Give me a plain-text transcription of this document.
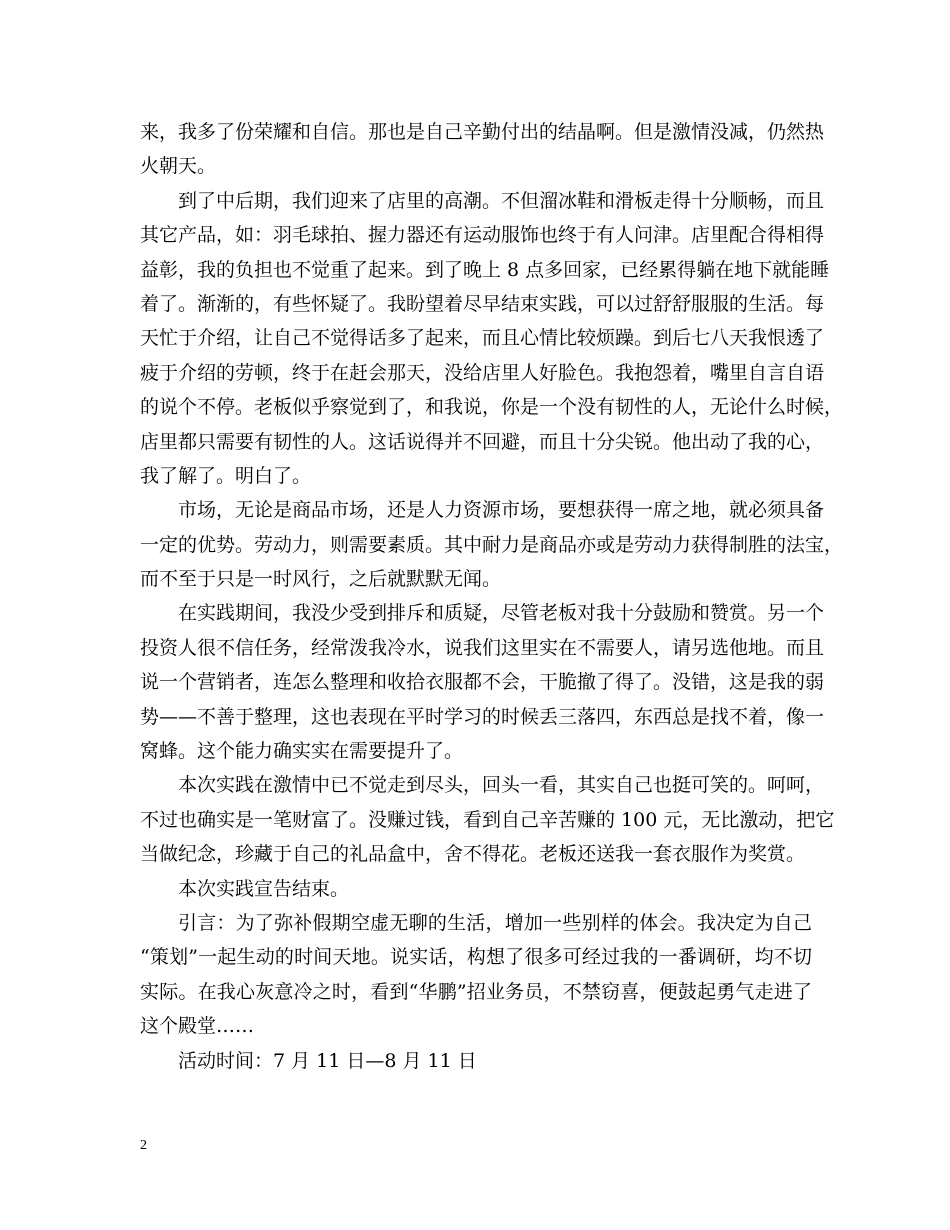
来，我多了份荣耀和自信。那也是自己辛勤付出的结晶啊。但是激情没减，仍然热
火朝天。
到了中后期，我们迎来了店里的高潮。不但溜冰鞋和滑板走得十分顺畅，而且
其它产品，如：羽毛球拍、握力器还有运动服饰也终于有人问津。店里配合得相得
益彰，我的负担也不觉重了起来。到了晚上 8 点多回家，已经累得躺在地下就能睡
着了。渐渐的，有些怀疑了。我盼望着尽早结束实践，可以过舒舒服服的生活。每
天忙于介绍，让自己不觉得话多了起来，而且心情比较烦躁。到后七八天我恨透了
疲于介绍的劳顿，终于在赶会那天，没给店里人好脸色。我抱怨着，嘴里自言自语
的说个不停。老板似乎察觉到了，和我说，你是一个没有韧性的人，无论什么时候，
店里都只需要有韧性的人。这话说得并不回避，而且十分尖锐。他出动了我的心，
我了解了。明白了。
市场，无论是商品市场，还是人力资源市场，要想获得一席之地，就必须具备
一定的优势。劳动力，则需要素质。其中耐力是商品亦或是劳动力获得制胜的法宝，
而不至于只是一时风行，之后就默默无闻。
在实践期间，我没少受到排斥和质疑，尽管老板对我十分鼓励和赞赏。另一个
投资人很不信任务，经常泼我冷水，说我们这里实在不需要人，请另选他地。而且
说一个营销者，连怎么整理和收拾衣服都不会，干脆撤了得了。没错，这是我的弱
势——不善于整理，这也表现在平时学习的时候丢三落四，东西总是找不着，像一
窝蜂。这个能力确实实在需要提升了。
本次实践在激情中已不觉走到尽头，回头一看，其实自己也挺可笑的。呵呵，
不过也确实是一笔财富了。没赚过钱，看到自己辛苦赚的 100 元，无比激动，把它
当做纪念，珍藏于自己的礼品盒中，舍不得花。老板还送我一套衣服作为奖赏。
本次实践宣告结束。
引言：为了弥补假期空虚无聊的生活，增加一些别样的体会。我决定为自己
“策划”一起生动的时间天地。说实话，构想了很多可经过我的一番调研，均不切
实际。在我心灰意冷之时，看到“华鹏”招业务员，不禁窃喜，便鼓起勇气走进了
这个殿堂……
活动时间：7 月 11 日—8 月 11 日
2
